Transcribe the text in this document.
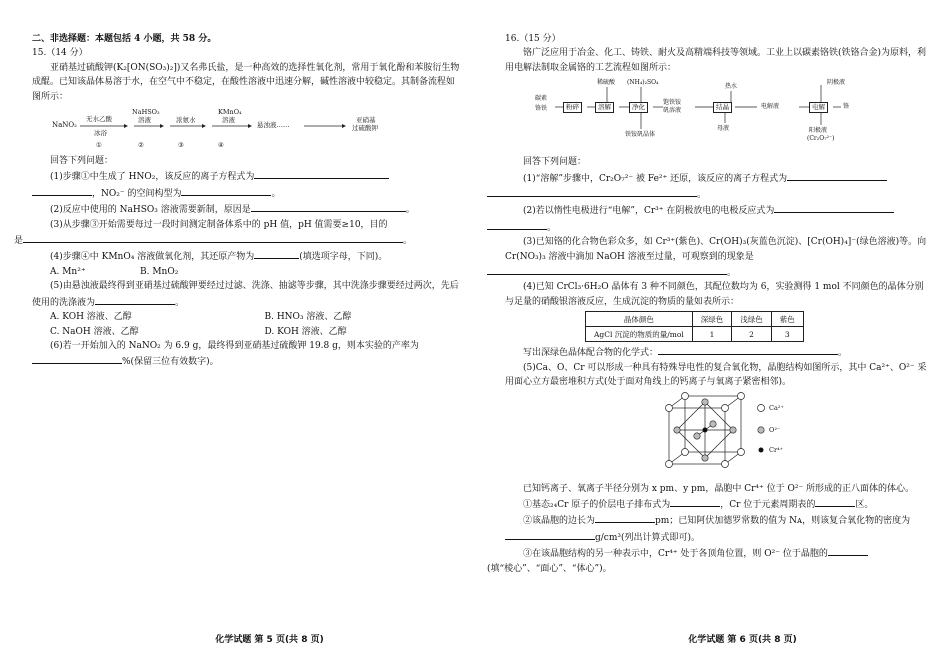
二、非选择题：本题包括 4 小题，共 58 分。

15.（14 分）

亚硝基过硫酸钾(K₂[ON(SO₃)₂])又名弗氏盐，是一种高效的选择性氧化剂，常用于氧化酚和苯胺衍生物成醌。已知该晶体易溶于水，在空气中不稳定，在酸性溶液中迅速分解，碱性溶液中较稳定。其制备流程如图所示：

NaNO₂
无水乙酸
冰浴
NaHSO₃
溶液	浓氨水
KMnO₄
溶液
悬浊液……
亚硝基
过硫酸钾
①	②	③	④

回答下列问题：

(1)步骤①中生成了 HNO₂，该反应的离子方程式为
，NO₂⁻ 的空间构型为	。

(2)反应中使用的 NaHSO₃ 溶液需要新制，原因是	。

(3)从步骤③开始需要每过一段时间测定制备体系中的 pH 值，pH 值需要≥10，目的
是	。

(4)步骤④中 KMnO₄ 溶液做氧化剂，其还原产物为	(填选项字母，下同)。

A. Mn²⁺	B. MnO₂

(5)由悬浊液最终得到亚硝基过硫酸钾要经过过滤、洗涤、抽滤等步骤，其中洗涤步骤要经过两次，先后使用的洗涤液为	。

A. KOH 溶液、乙醇	B. HNO₃ 溶液、乙醇

C. NaOH 溶液、乙醇	D. KOH 溶液、乙醇

(6)若一开始加入的 NaNO₂ 为 6.9 g，最终得到亚硝基过硫酸钾 19.8 g，则本实验的产率为%(保留三位有效数字)。

化学试题 第 5 页(共 8 页)

16.（15 分）

铬广泛应用于冶金、化工、铸铁、耐火及高精端科技等领域。工业上以碳素铬铁(铁铬合金)为原料，利用电解法制取金属铬的工艺流程如图所示：

碳素
铬铁	粉碎	溶解	净化
饱铁铵
矾溶液	结晶	电解液	电解	铬
稀硫酸 (NH₄)₂SO₄
热水
阴极液
母液
铁铵矾晶体
阳极液
(Cr₂O₇²⁻)

回答下列问题：

(1)“溶解”步骤中，Cr₂O₇²⁻ 被 Fe²⁺ 还原，该反应的离子方程式为
。

(2)若以惰性电极进行“电解”，Cr³⁺ 在阴极放电的电极反应式为
。

(3)已知铬的化合物色彩众多，如 Cr³⁺(紫色)、Cr(OH)₃(灰蓝色沉淀)、[Cr(OH)₄]⁻(绿色溶液)等。向 Cr(NO₃)₃ 溶液中滴加 NaOH 溶液至过量，可观察到的现象是
。

(4)已知 CrCl₃·6H₂O 晶体有 3 种不同颜色，其配位数均为 6，实验测得 1 mol 不同颜色的晶体分别与足量的硝酸银溶液反应，生成沉淀的物质的量如表所示：

晶体颜色	深绿色	浅绿色	紫色
AgCl 沉淀的物质的量/mol	1	2	3

写出深绿色晶体配合物的化学式：	。

(5)Ca、O、Cr 可以形成一种具有特殊导电性的复合氧化物，晶胞结构如图所示，其中 Ca²⁺、O²⁻ 采用面心立方最密堆积方式(处于面对角线上的钙离子与氧离子紧密相邻)。

Ca²⁺
O²⁻
Cr⁴⁺

已知钙离子、氧离子半径分别为 x pm、y pm，晶胞中 Cr⁴⁺ 位于 O²⁻ 所形成的正八面体的体心。

①基态₂₄Cr 原子的价层电子排布式为	，Cr 位于元素周期表的	区。

②该晶胞的边长为	pm；已知阿伏加德罗常数的值为 Nᴀ，则该复合氧化物的密度为g/cm³(列出计算式即可)。

③在该晶胞结构的另一种表示中，Cr⁴⁺ 处于各顶角位置，则 O²⁻ 位于晶胞的
(填“棱心”、“面心”、“体心”)。

化学试题 第 6 页(共 8 页)
